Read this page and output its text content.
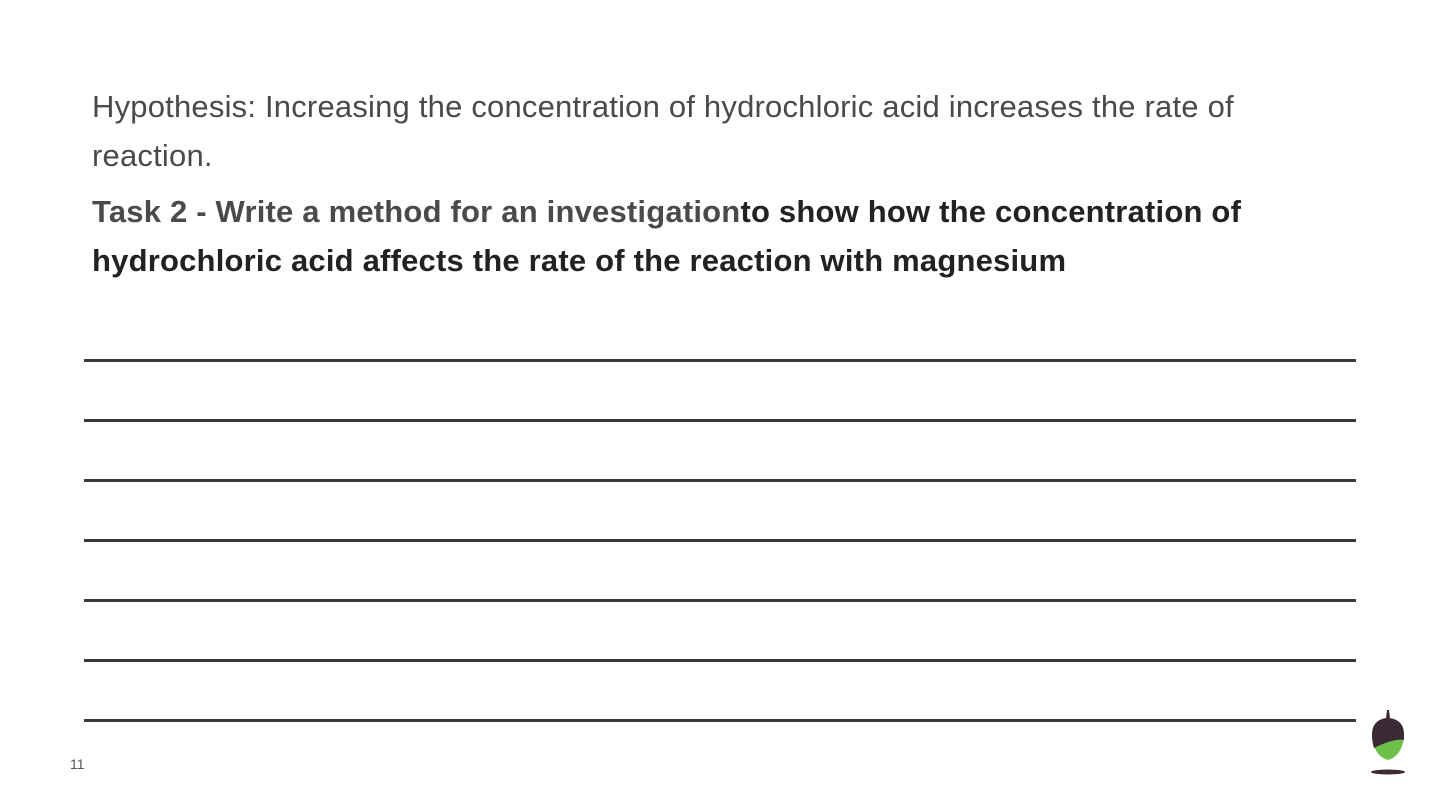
Hypothesis: Increasing the concentration of hydrochloric acid increases the rate of reaction.

Task 2 - Write a method for an investigationto show how the concentration of hydrochloric acid affects the rate of the reaction with magnesium

11
